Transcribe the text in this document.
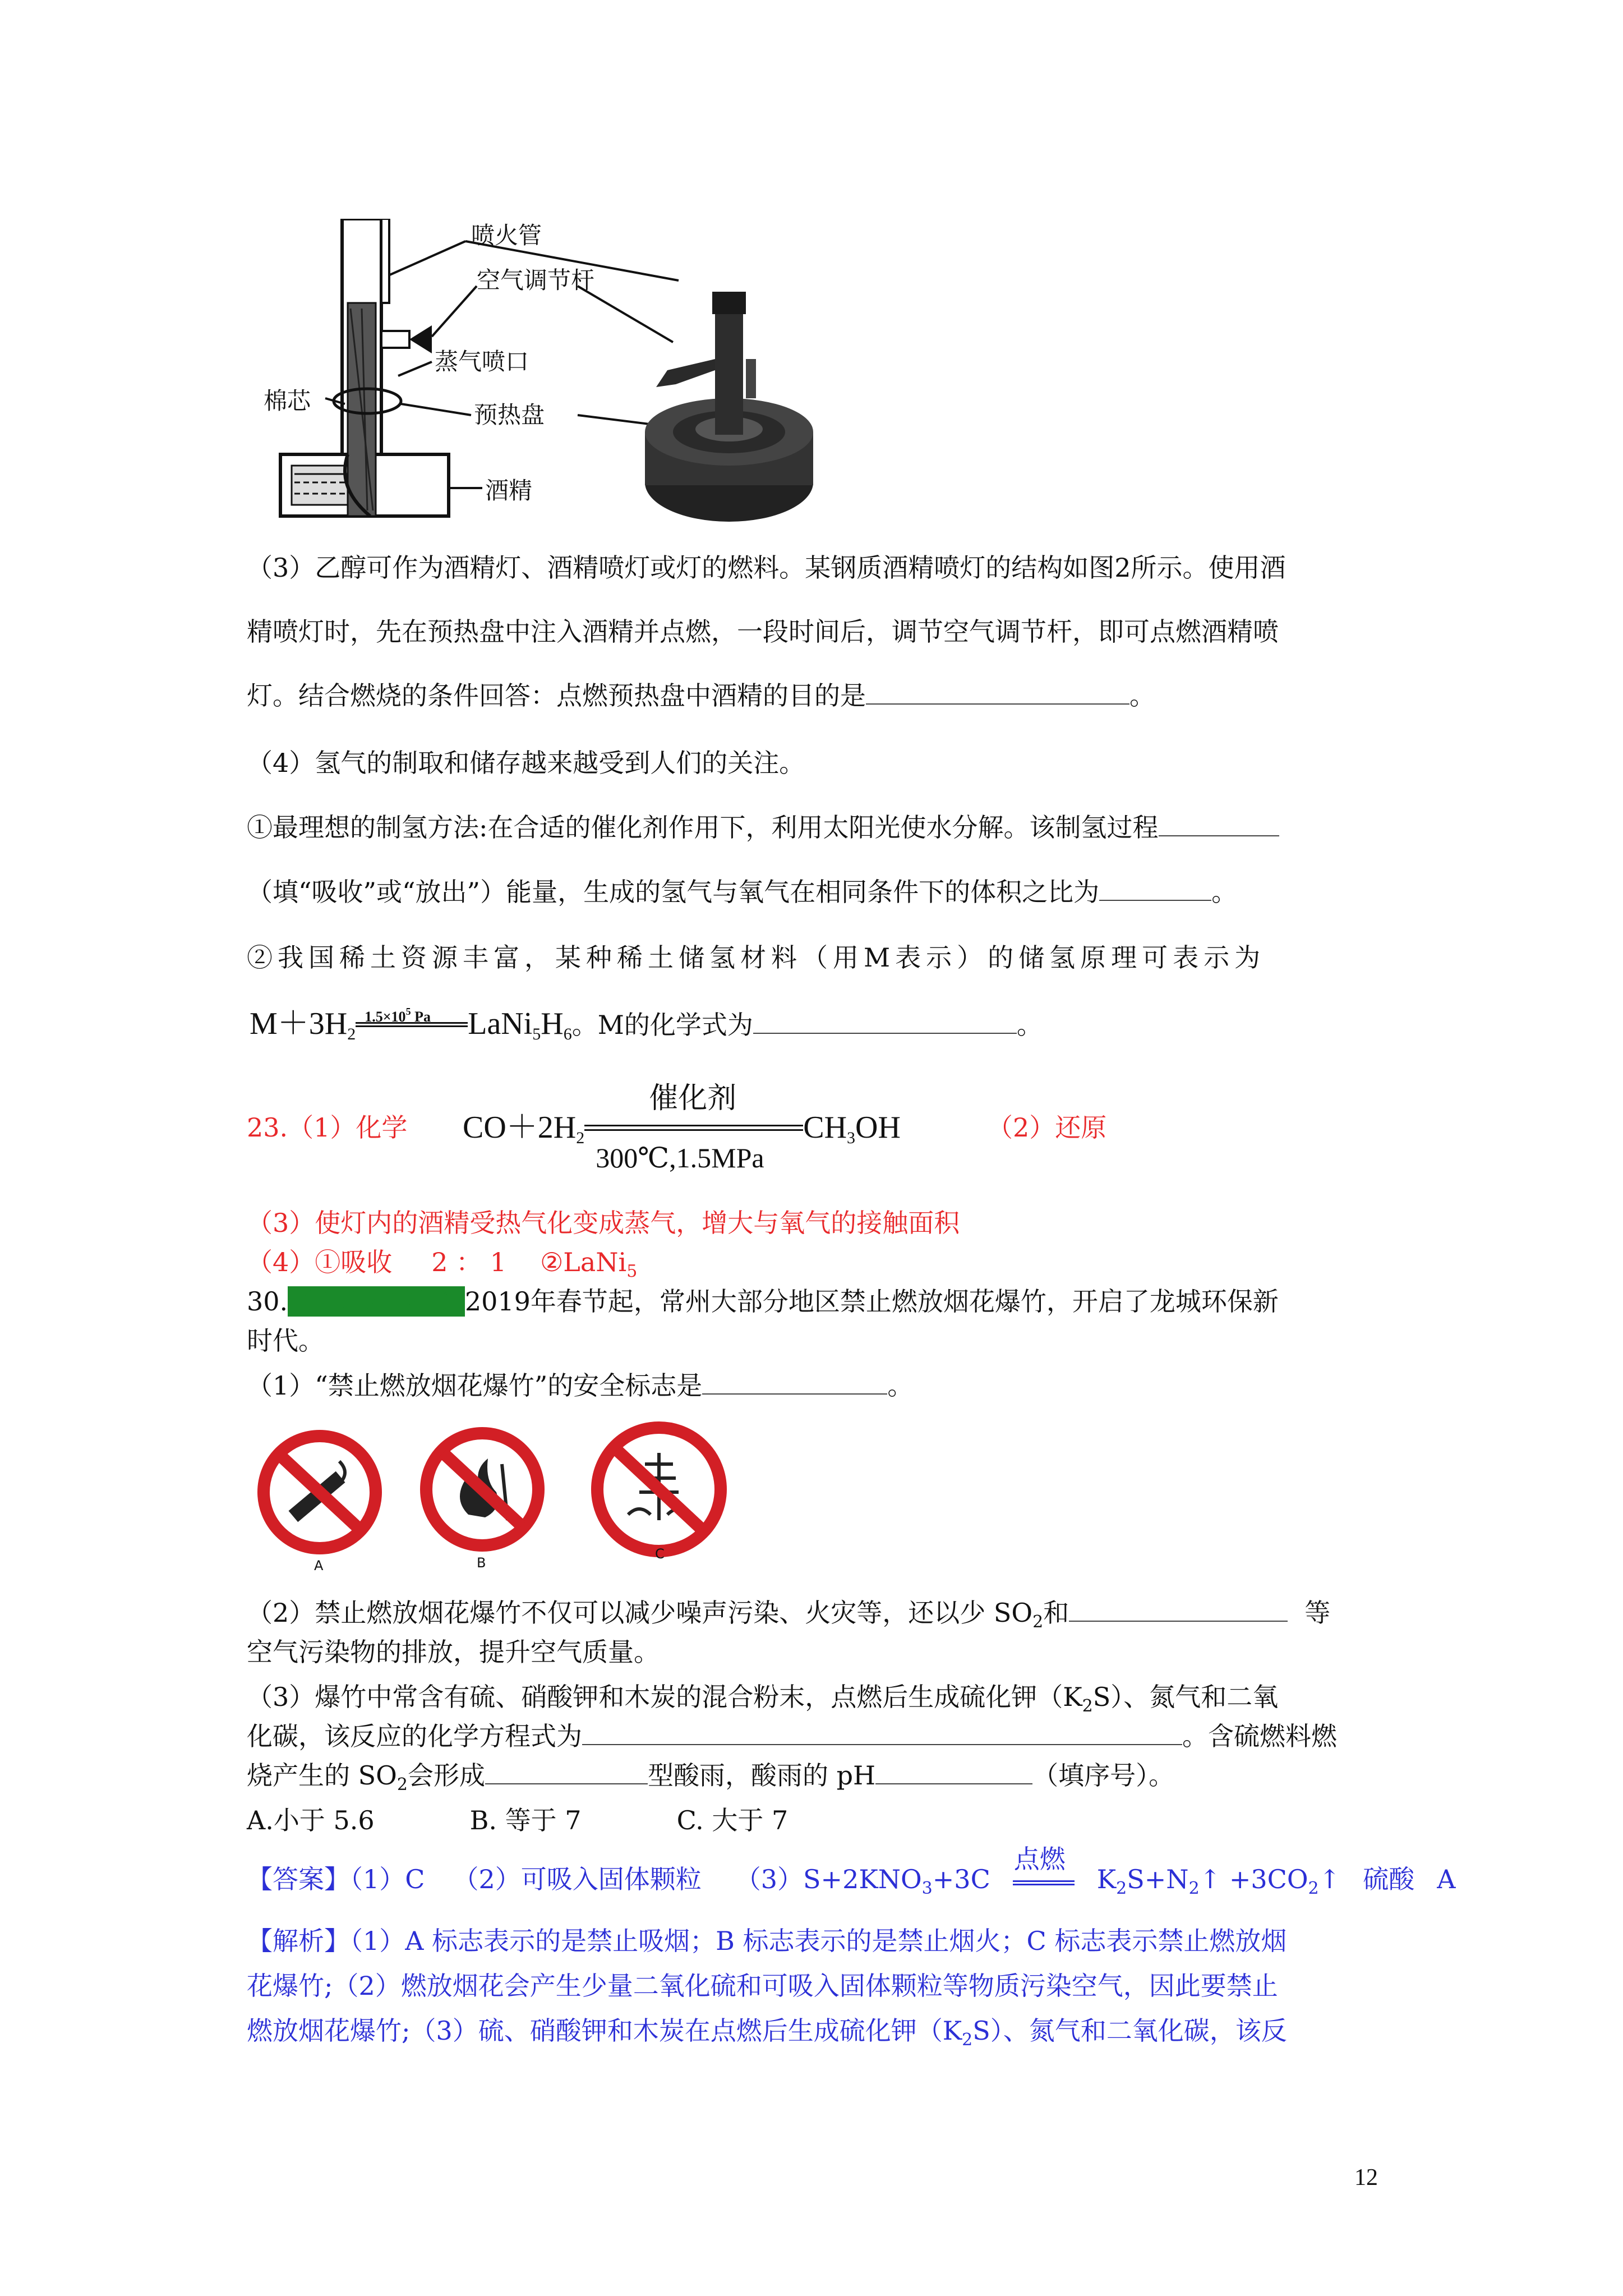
喷火管
空气调节杆
棉芯
蒸气喷口
预热盘
酒精
（3）乙醇可作为酒精灯、酒精喷灯或灯的燃料。某钢质酒精喷灯的结构如图2所示。使用酒
精喷灯时，先在预热盘中注入酒精并点燃，一段时间后，调节空气调节杆，即可点燃酒精喷
灯。结合燃烧的条件回答：点燃预热盘中酒精的目的是	。
（4）氢气的制取和储存越来越受到人们的关注。
①最理想的制氢方法:在合适的催化剂作用下，利用太阳光使水分解。该制氢过程
（填“吸收”或“放出”）能量，生成的氢气与氧气在相同条件下的体积之比为	。
②我国稀土资源丰富，某种稀土储氢材料（用M表示）的储氢原理可表示为
$M+3H_2$
$1.5\times 10^5$ Pa $LaNi_5H_6$。M的化学式为	。
23.（1）化学 $CO+2H_2$
催化剂
300℃,1.5MPa
$CH_3OH$	（2）还原
（3）使灯内的酒精受热气化变成蒸气，增大与氧气的接触面积
（4）①吸收 2 ： 1 ②LaNi$_5$
30.（2019·常州）2019年春节起，常州大部分地区禁止燃放烟花爆竹，开启了龙城环保新
时代。
（1）“禁止燃放烟花爆竹”的安全标志是	。
A	B
C
（2）禁止燃放烟花爆竹不仅可以减少噪声污染、火灾等，还以少 $SO_2$和	等
空气污染物的排放，提升空气质量。
（3）爆竹中常含有硫、硝酸钾和木炭的混合粉末，点燃后生成硫化钾$(K_2S)$、氮气和二氧
化碳，该反应的化学方程式为	。含硫燃料燃
烧产生的 $SO_2$会形成	型酸雨，酸雨的 pH	（填序号）。
A.小于 5.6	B. 等于 7	C. 大于 7
【答案】（1）C （2）可吸入固体颗粒 $(3)S+2KNO_3+3C$
点燃
$K_2S+N_2↑$ $+3CO_2↑$ 硫酸 A
【解析】（1）A 标志表示的是禁止吸烟；B 标志表示的是禁止烟火；C 标志表示禁止燃放烟
花爆竹;（2）燃放烟花会产生少量二氧化硫和可吸入固体颗粒等物质污染空气，因此要禁止
燃放烟花爆竹;（3）硫、硝酸钾和木炭在点燃后生成硫化钾$(K_2S)$、氮气和二氧化碳，该反
12
